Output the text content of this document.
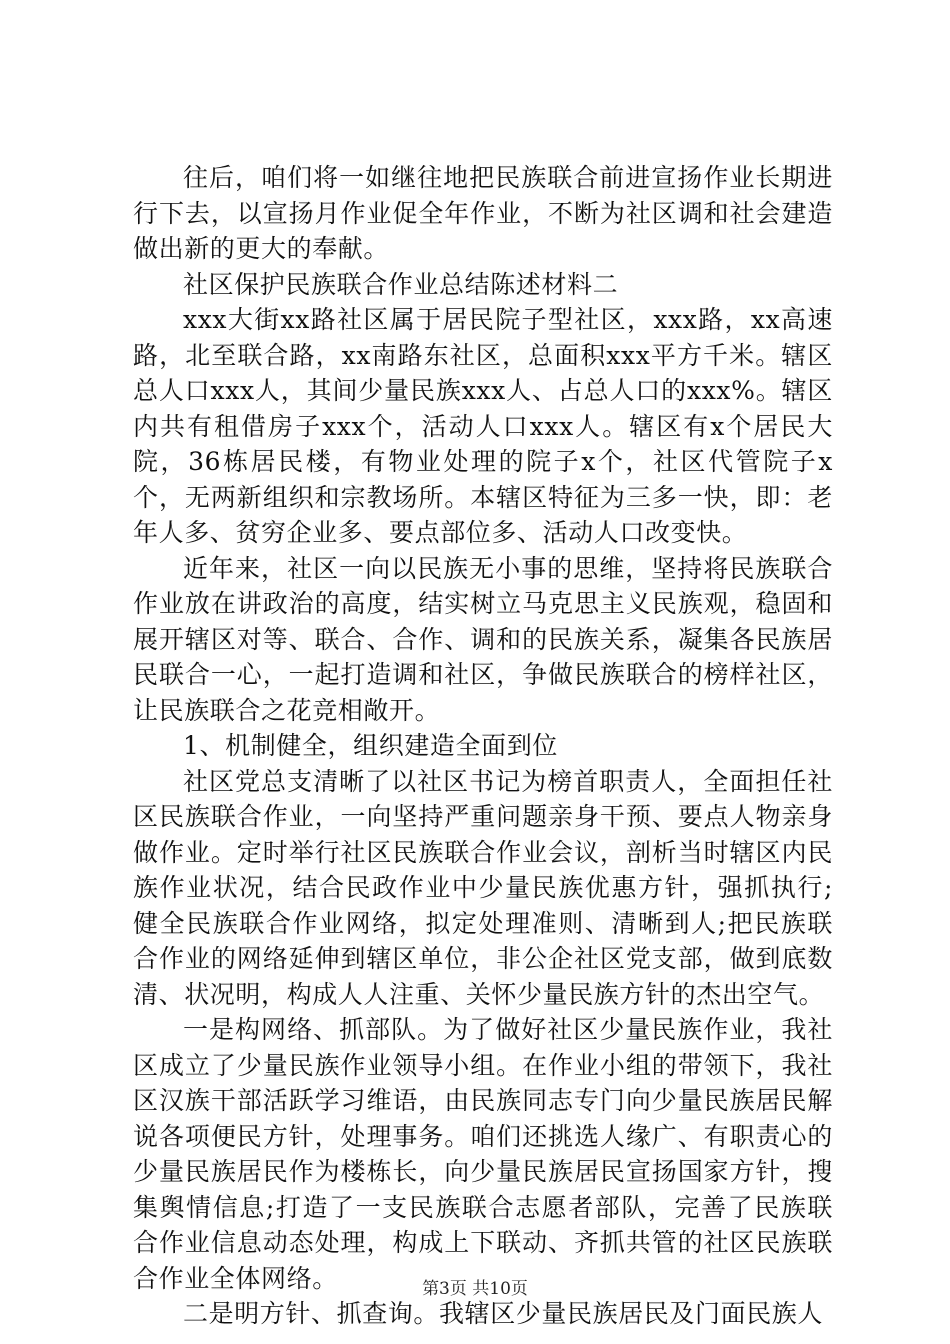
往后，咱们将一如继往地把民族联合前进宣扬作业长期进行下去，以宣扬月作业促全年作业，不断为社区调和社会建造做出新的更大的奉献。

社区保护民族联合作业总结陈述材料二

xxx大街xx路社区属于居民院子型社区，xxx路，xx高速路，北至联合路，xx南路东社区，总面积xxx平方千米。辖区总人口xxx人，其间少量民族xxx人、占总人口的xxx%。辖区内共有租借房子xxx个，活动人口xxx人。辖区有x个居民大院，36栋居民楼，有物业处理的院子x个，社区代管院子x个，无两新组织和宗教场所。本辖区特征为三多一快，即：老年人多、贫穷企业多、要点部位多、活动人口改变快。

近年来，社区一向以民族无小事的思维，坚持将民族联合作业放在讲政治的高度，结实树立马克思主义民族观，稳固和展开辖区对等、联合、合作、调和的民族关系，凝集各民族居民联合一心，一起打造调和社区，争做民族联合的榜样社区，让民族联合之花竞相敞开。

1、机制健全，组织建造全面到位

社区党总支清晰了以社区书记为榜首职责人，全面担任社区民族联合作业，一向坚持严重问题亲身干预、要点人物亲身做作业。定时举行社区民族联合作业会议，剖析当时辖区内民族作业状况，结合民政作业中少量民族优惠方针，强抓执行;健全民族联合作业网络，拟定处理准则、清晰到人;把民族联合作业的网络延伸到辖区单位，非公企社区党支部，做到底数清、状况明，构成人人注重、关怀少量民族方针的杰出空气。

一是构网络、抓部队。为了做好社区少量民族作业，我社区成立了少量民族作业领导小组。在作业小组的带领下，我社区汉族干部活跃学习维语，由民族同志专门向少量民族居民解说各项便民方针，处理事务。咱们还挑选人缘广、有职责心的少量民族居民作为楼栋长，向少量民族居民宣扬国家方针，搜集舆情信息;打造了一支民族联合志愿者部队，完善了民族联合作业信息动态处理，构成上下联动、齐抓共管的社区民族联合作业全体网络。

二是明方针、抓查询。我辖区少量民族居民及门面民族人

第3页 共10页
